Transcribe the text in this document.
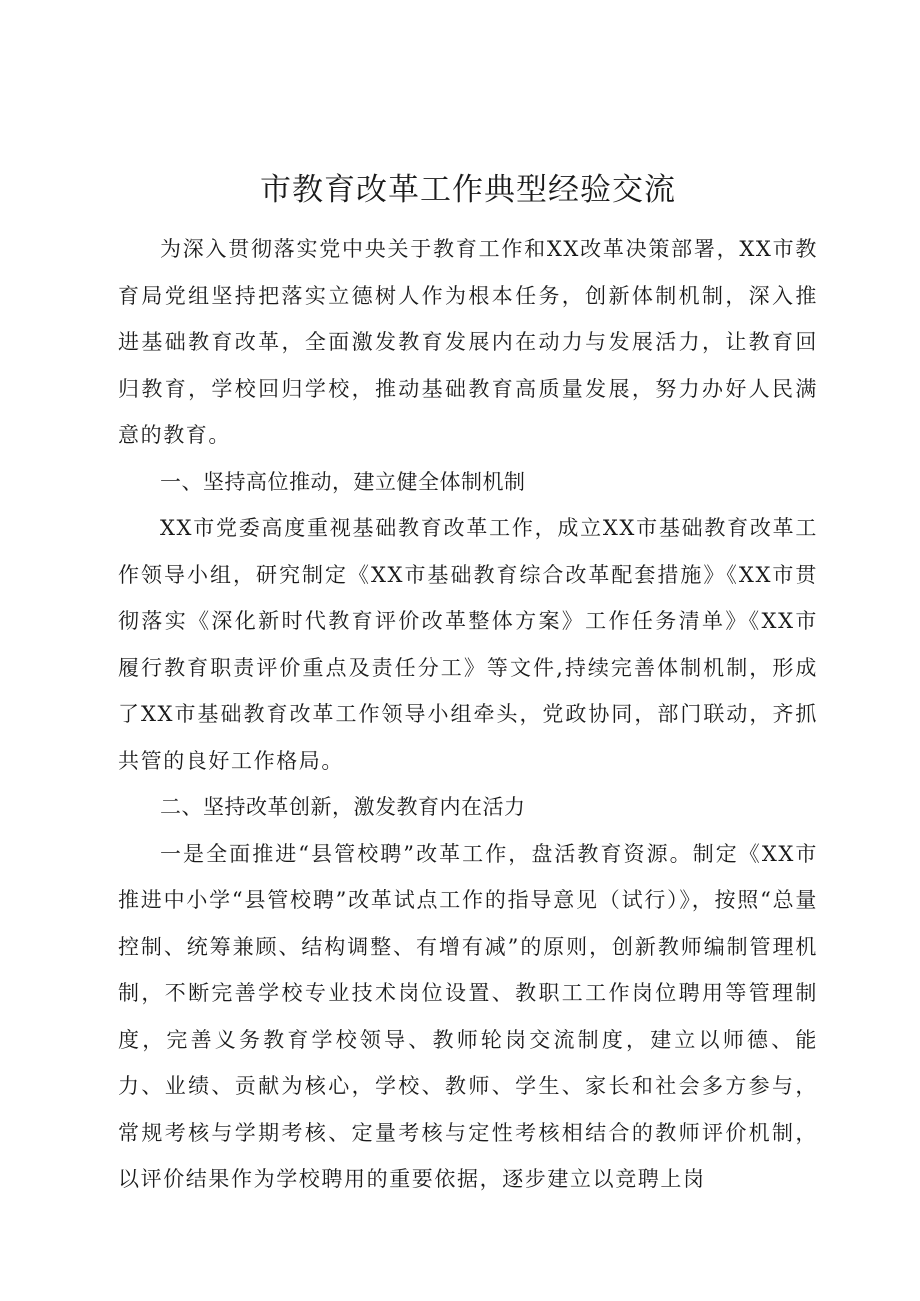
市教育改革工作典型经验交流

为深入贯彻落实党中央关于教育工作和XX改革决策部署，XX市教育局党组坚持把落实立德树人作为根本任务，创新体制机制，深入推进基础教育改革，全面激发教育发展内在动力与发展活力，让教育回归教育，学校回归学校，推动基础教育高质量发展，努力办好人民满意的教育。

一、坚持高位推动，建立健全体制机制

XX市党委高度重视基础教育改革工作，成立XX市基础教育改革工作领导小组，研究制定《XX市基础教育综合改革配套措施》《XX市贯彻落实《深化新时代教育评价改革整体方案》工作任务清单》《XX市履行教育职责评价重点及责任分工》等文件,持续完善体制机制，形成了XX市基础教育改革工作领导小组牵头，党政协同，部门联动，齐抓共管的良好工作格局。

二、坚持改革创新，激发教育内在活力

一是全面推进“县管校聘”改革工作，盘活教育资源。制定《XX市推进中小学“县管校聘”改革试点工作的指导意见（试行）》，按照“总量控制、统筹兼顾、结构调整、有增有减”的原则，创新教师编制管理机制，不断完善学校专业技术岗位设置、教职工工作岗位聘用等管理制度，完善义务教育学校领导、教师轮岗交流制度，建立以师德、能力、业绩、贡献为核心，学校、教师、学生、家长和社会多方参与，常规考核与学期考核、定量考核与定性考核相结合的教师评价机制，以评价结果作为学校聘用的重要依据，逐步建立以竞聘上岗
